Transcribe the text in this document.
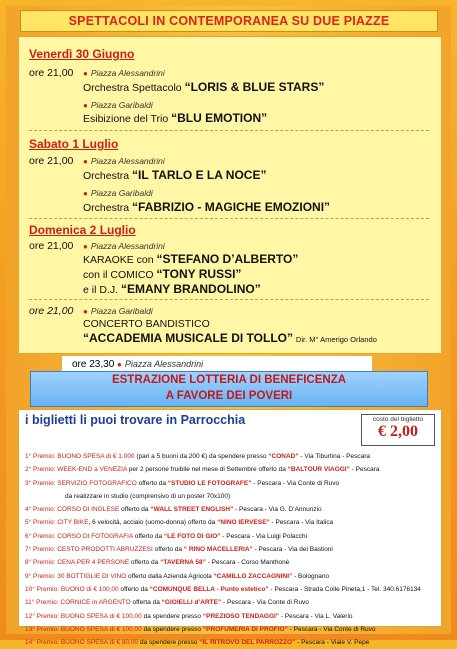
SPETTACOLI IN CONTEMPORANEA SU DUE PIAZZE
Venerdì 30 Giugno
ore 21,00 ● Piazza Alessandrini
Orchestra Spettacolo “LORIS & BLUE STARS”
● Piazza Garibaldi
Esibizione del Trio “BLU EMOTION”
Sabato 1 Luglio
ore 21,00 ● Piazza Alessandrini
Orchestra “IL TARLO E LA NOCE”
● Piazza Garibaldi
Orchestra “FABRIZIO - MAGICHE EMOZIONI”
Domenica 2 Luglio
ore 21,00 ● Piazza Alessandrini
KARAOKE con “STEFANO D’ALBERTO”
con il COMICO “TONY RUSSI”
e il D.J. “EMANY BRANDOLINO”
ore 21,00 ● Piazza Garibaldi
CONCERTO BANDISTICO
“ACCADEMIA MUSICALE DI TOLLO” Dir. M° Amerigo Orlando
ore 23,30 ● Piazza Alessandrini
ESTRAZIONE LOTTERIA DI BENEFICENZA
A FAVORE DEI POVERI
i biglietti li puoi trovare in Parrocchia	costo del biglietto
€ 2,00
1° Premio: BUONO SPESA di € 1.000 (pari a 5 buoni da 200 €) da spendere presso “CONAD” - Via Tiburtina - Pescara
2° Premio: WEEK-END a VENEZIA per 2 persone fruibile nel mese di Settembre offerto da “BALTOUR VIAGGI” - Pescara
3° Premio: SERVIZIO FOTOGRAFICO offerto da “STUDIO LE FOTOGRAFE” - Pescara - Via Conte di Ruvo
da realizzare in studio (comprensivo di un poster 70x100)
4° Premio: CORSO DI INGLESE offerto da “WALL STREET ENGLISH” - Pescara - Via G. D’Annunzio
5° Premio: CITY BIKE, 6 velocità, acciaio (uomo-donna) offerto da “NINO IERVESE” - Pescara - Via Italica
6° Premio: CORSO DI FOTOGRAFIA offerto da “LE FOTO DI GIO” - Pescara - Via Luigi Polacchi
7° Premio: CESTO PRODOTTI ABRUZZESI offerto da “ RINO MACELLERIA” - Pescara - Via dei Bastioni
8° Premio: CENA PER 4 PERSONE offerto da “TAVERNA 58” - Pescara - Corso Manthonè
9° Premio: 30 BOTTIGLIE DI VINO offerto dalla Azienda Agricola “CAMILLO ZACCAGNINI” - Bolognano
10° Premio: BUONO di € 100,00 offerto da “COMUNQUE BELLA - Punto estetico” - Pescara - Strada Colle Pineta,1 - Tel. 340.6176134
11° Premio: CORNICE in ARGENTO offerta da “GIOIELLI d’ARTE” - Pescara - Via Conte di Ruvo
12° Premio: BUONO SPESA di € 100,00 da spendere presso “PREZIOSO TENDAGGI” - Pescara - Via L. Valerio
13° Premio: BUONO SPESA di € 100,00 da spendere presso “PROFUMERIA DI PROFIO” - Pescara - Via Conte di Ruvo
14° Premio: BUONO SPESA di € 80,00 da spendere presso “IL RITROVO DEL PARROZZO” - Pescara - Viale V. Pepe
